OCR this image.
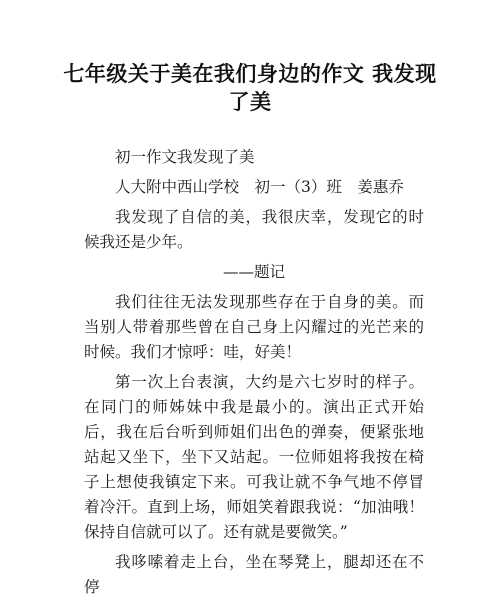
七年级关于美在我们身边的作文 我发现了美

初一作文我发现了美

人大附中西山学校　初一（3）班　姜惠乔

我发现了自信的美，我很庆幸，发现它的时候我还是少年。

——题记

我们往往无法发现那些存在于自身的美。而当别人带着那些曾在自己身上闪耀过的光芒来的时候。我们才惊呼：哇，好美！

第一次上台表演，大约是六七岁时的样子。在同门的师姊妹中我是最小的。演出正式开始后，我在后台听到师姐们出色的弹奏，便紧张地站起又坐下，坐下又站起。一位师姐将我按在椅子上想使我镇定下来。可我让就不争气地不停冒着冷汗。直到上场，师姐笑着跟我说：“加油哦！保持自信就可以了。还有就是要微笑。”

我哆嗦着走上台，坐在琴凳上，腿却还在不停
